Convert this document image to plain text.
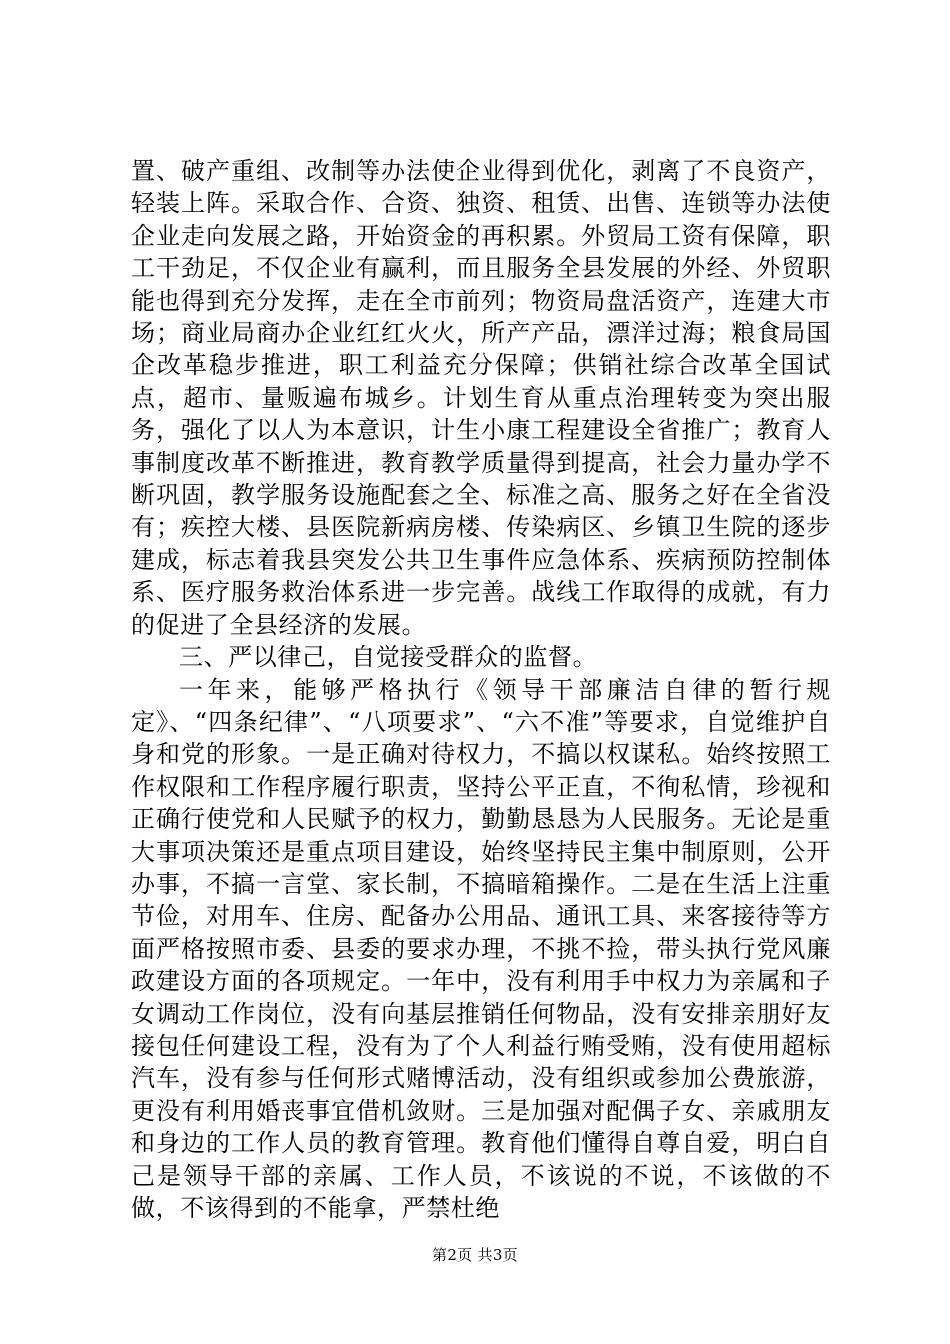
置、破产重组、改制等办法使企业得到优化，剥离了不良资产，轻装上阵。采取合作、合资、独资、租赁、出售、连锁等办法使企业走向发展之路，开始资金的再积累。外贸局工资有保障，职工干劲足，不仅企业有赢利，而且服务全县发展的外经、外贸职能也得到充分发挥，走在全市前列；物资局盘活资产，连建大市场；商业局商办企业红红火火，所产产品，漂洋过海；粮食局国企改革稳步推进，职工利益充分保障；供销社综合改革全国试点，超市、量贩遍布城乡。计划生育从重点治理转变为突出服务，强化了以人为本意识，计生小康工程建设全省推广；教育人事制度改革不断推进，教育教学质量得到提高，社会力量办学不断巩固，教学服务设施配套之全、标准之高、服务之好在全省没有；疾控大楼、县医院新病房楼、传染病区、乡镇卫生院的逐步建成，标志着我县突发公共卫生事件应急体系、疾病预防控制体系、医疗服务救治体系进一步完善。战线工作取得的成就，有力的促进了全县经济的发展。

三、严以律己，自觉接受群众的监督。

一年来，能够严格执行《领导干部廉洁自律的暂行规定》、“四条纪律”、“八项要求”、“六不准”等要求，自觉维护自身和党的形象。一是正确对待权力，不搞以权谋私。始终按照工作权限和工作程序履行职责，坚持公平正直，不徇私情，珍视和正确行使党和人民赋予的权力，勤勤恳恳为人民服务。无论是重大事项决策还是重点项目建设，始终坚持民主集中制原则，公开办事，不搞一言堂、家长制，不搞暗箱操作。二是在生活上注重节俭，对用车、住房、配备办公用品、通讯工具、来客接待等方面严格按照市委、县委的要求办理，不挑不捡，带头执行党风廉政建设方面的各项规定。一年中，没有利用手中权力为亲属和子女调动工作岗位，没有向基层推销任何物品，没有安排亲朋好友接包任何建设工程，没有为了个人利益行贿受贿，没有使用超标汽车，没有参与任何形式赌博活动，没有组织或参加公费旅游，更没有利用婚丧事宜借机敛财。三是加强对配偶子女、亲戚朋友和身边的工作人员的教育管理。教育他们懂得自尊自爱，明白自己是领导干部的亲属、工作人员，不该说的不说，不该做的不做，不该得到的不能拿，严禁杜绝

第2页 共3页
